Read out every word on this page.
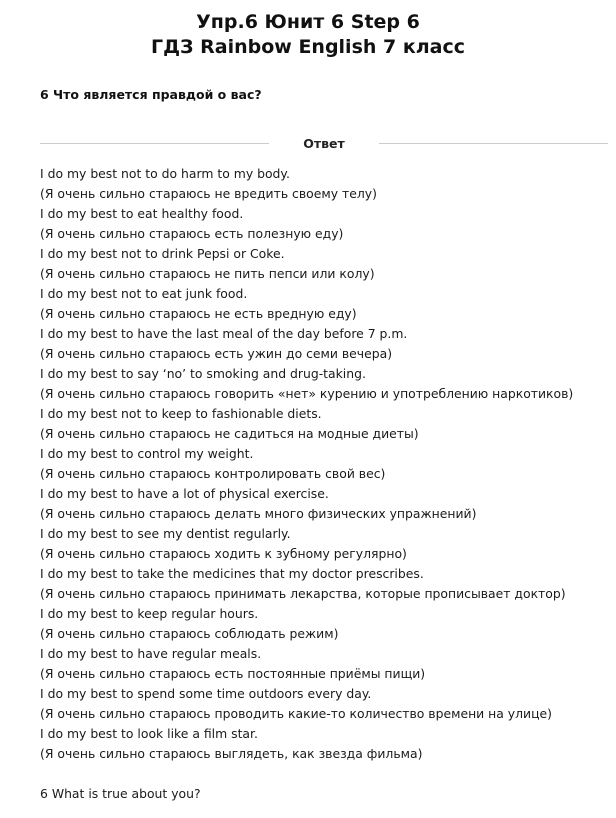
Упр.6 Юнит 6 Step 6
ГДЗ Rainbow English 7 класс
6 Что является правдой о вас?
Ответ
I do my best not to do harm to my body.
(Я очень сильно стараюсь не вредить своему телу)
I do my best to eat healthy food.
(Я очень сильно стараюсь есть полезную еду)
I do my best not to drink Pepsi or Coke.
(Я очень сильно стараюсь не пить пепси или колу)
I do my best not to eat junk food.
(Я очень сильно стараюсь не есть вредную еду)
I do my best to have the last meal of the day before 7 p.m.
(Я очень сильно стараюсь есть ужин до семи вечера)
I do my best to say ‘no’ to smoking and drug-taking.
(Я очень сильно стараюсь говорить «нет» курению и употреблению наркотиков)
I do my best not to keep to fashionable diets.
(Я очень сильно стараюсь не садиться на модные диеты)
I do my best to control my weight.
(Я очень сильно стараюсь контролировать свой вес)
I do my best to have a lot of physical exercise.
(Я очень сильно стараюсь делать много физических упражнений)
I do my best to see my dentist regularly.
(Я очень сильно стараюсь ходить к зубному регулярно)
I do my best to take the medicines that my doctor prescribes.
(Я очень сильно стараюсь принимать лекарства, которые прописывает доктор)
I do my best to keep regular hours.
(Я очень сильно стараюсь соблюдать режим)
I do my best to have regular meals.
(Я очень сильно стараюсь есть постоянные приёмы пищи)
I do my best to spend some time outdoors every day.
(Я очень сильно стараюсь проводить какие-то количество времени на улице)
I do my best to look like a film star.
(Я очень сильно стараюсь выглядеть, как звезда фильма)
6 What is true about you?
